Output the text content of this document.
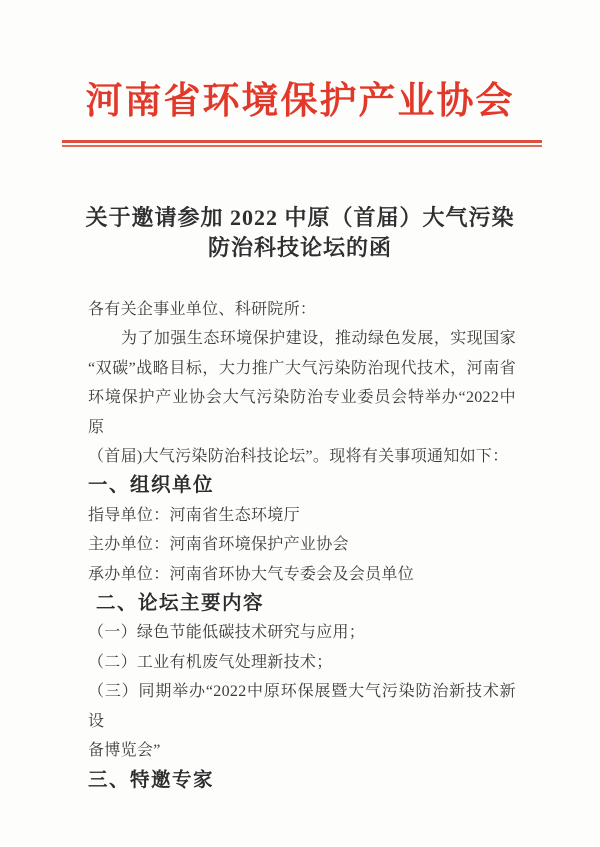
河南省环境保护产业协会
关于邀请参加 2022 中原（首届）大气污染
防治科技论坛的函
各有关企事业单位、科研院所：
为了加强生态环境保护建设，推动绿色发展，实现国家
“双碳”战略目标，大力推广大气污染防治现代技术，河南省
环境保护产业协会大气污染防治专业委员会特举办“2022中原
（首届)大气污染防治科技论坛”。现将有关事项通知如下：
一、组织单位
指导单位：河南省生态环境厅
主办单位：河南省环境保护产业协会
承办单位：河南省环协大气专委会及会员单位
二、论坛主要内容
（一）绿色节能低碳技术研究与应用；
（二）工业有机废气处理新技术；
（三）同期举办“2022中原环保展暨大气污染防治新技术新设
备博览会”
三、特邀专家
